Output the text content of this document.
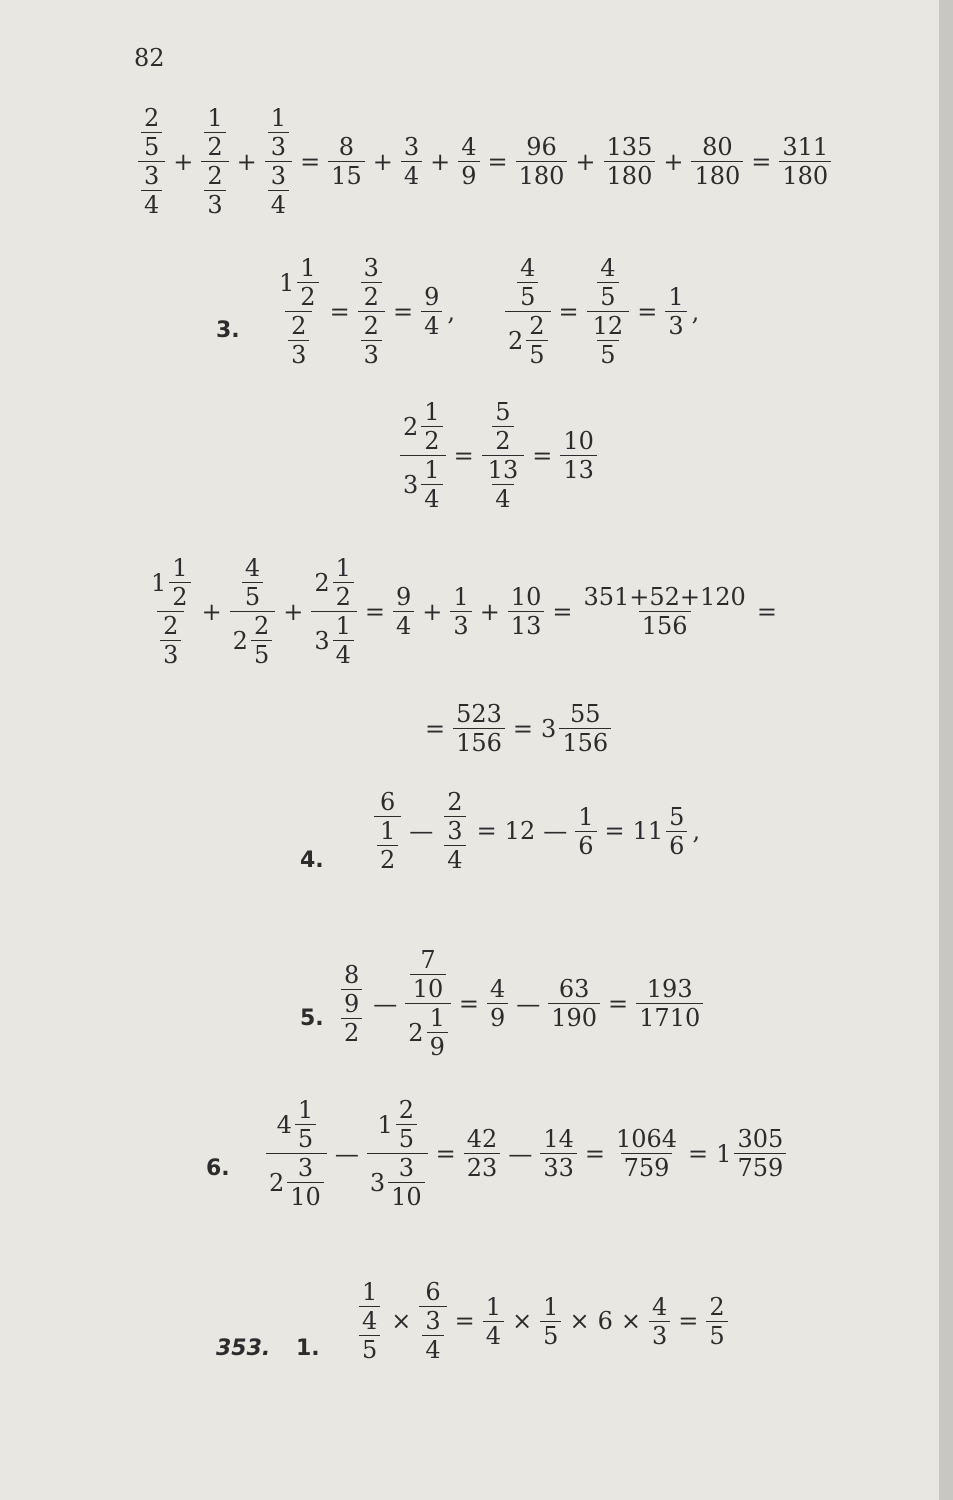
82
$\frac{\frac{2}{5}}{\frac{3}{4}} + \frac{\frac{1}{2}}{\frac{2}{3}} + \frac{\frac{1}{3}}{\frac{3}{4}} = \frac{8}{15} + \frac{3}{4} + \frac{4}{9} = \frac{96}{180} + \frac{135}{180} + \frac{80}{180} = \frac{311}{180}$
3. $\frac{1 \frac{1}{2}}{\frac{2}{3}} = \frac{\frac{3}{2}}{\frac{2}{3}} = \frac{9}{4}$ , $\frac{\frac{4}{5}}{2 \frac{2}{5}} = \frac{\frac{4}{5}}{\frac{12}{5}} = \frac{1}{3}$ ,
$\frac{2 \frac{1}{2}}{3 \frac{1}{4}} = \frac{\frac{5}{2}}{\frac{13}{4}} = \frac{10}{13}$
$\frac{1 \frac{1}{2}}{\frac{2}{3}} + \frac{\frac{4}{5}}{2 \frac{2}{5}} + \frac{2 \frac{1}{2}}{3 \frac{1}{4}} = \frac{9}{4} + \frac{1}{3} + \frac{10}{13} = \frac{351+52+120}{156}$ =
= $\frac{523}{156} = 3 \frac{55}{156}$
4. $\frac{6}{\frac{1}{2}}$ — $\frac{\frac{2}{3}}{4} = 12$ — $\frac{1}{6} = 11 \frac{5}{6}$ ,
5. $\frac{\frac{8}{9}}{2}$ — $\frac{\frac{7}{10}}{2 \frac{1}{9}} = \frac{4}{9}$ — $\frac{63}{190} = \frac{193}{1710}$
6. $\frac{4 \frac{1}{5}}{2 \frac{3}{10}}$ — $\frac{1 \frac{2}{5}}{3 \frac{3}{10}} = \frac{42}{23}$ — $\frac{14}{33} = \frac{1064}{759} = 1 \frac{305}{759}$
353. 1. $\frac{\frac{1}{4}}{5} \times \frac{6}{\frac{3}{4}} = \frac{1}{4} \times \frac{1}{5} \times 6 \times \frac{4}{3} = \frac{2}{5}$
